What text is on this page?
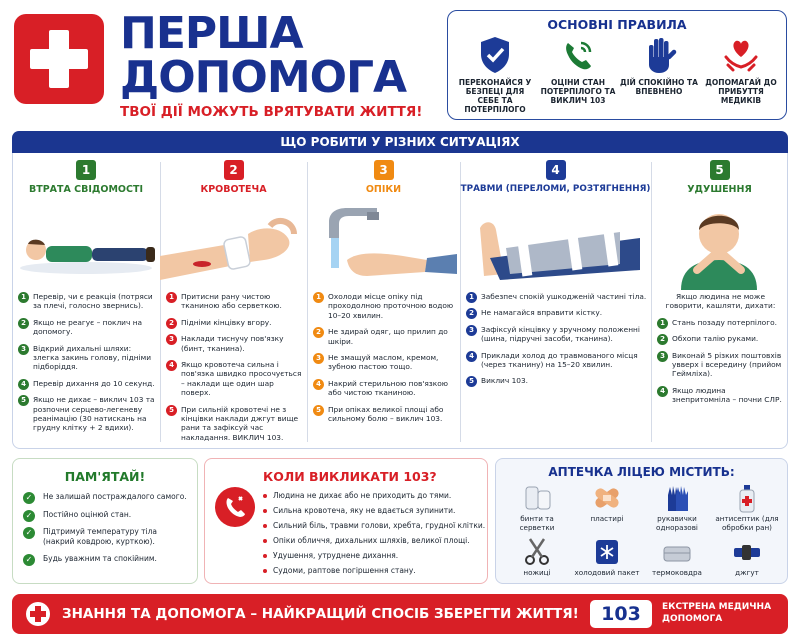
ПЕРША
ДОПОМОГА
ТВОЇ ДІЇ МОЖУТЬ ВРЯТУВАТИ ЖИТТЯ!
ОСНОВНІ ПРАВИЛА
ПЕРЕКОНАЙСЯ У БЕЗПЕЦІ ДЛЯ СЕБЕ ТА ПОТЕРПІЛОГО
ОЦІНИ СТАН ПОТЕРПІЛОГО ТА ВИКЛИЧ 103
ДІЙ СПОКІЙНО ТА ВПЕВНЕНО
ДОПОМАГАЙ ДО ПРИБУТТЯ МЕДИКІВ
ЩО РОБИТИ У РІЗНИХ СИТУАЦІЯХ
1
ВТРАТА СВІДОМОСТІ
1 Перевір, чи є реакція (потряси за плечі, голосно звернись).
2 Якщо не реагує – поклич на допомогу.
3 Відкрий дихальні шляхи: злегка закинь голову, підніми підборіддя.
4 Перевір дихання до 10 секунд.
5 Якщо не дихає – виклич 103 та розпочни серцево-легеневу реанімацію (30 натискань на грудну клітку + 2 вдихи).
2
КРОВОТЕЧА
1 Притисни рану чистою тканиною або серветкою.
2 Підніми кінцівку вгору.
3 Наклади тиснучу пов'язку (бинт, тканина).
4 Якщо кровотеча сильна і пов'язка швидко просочується – наклади ще один шар поверх.
5 При сильній кровотечі не з кінцівки наклади джгут вище рани та зафіксуй час накладання. ВИКЛИЧ 103.
3
ОПІКИ
1 Охолоди місце опіку під проходолною проточною водою 10–20 хвилин.
2 Не здирай одяг, що прилип до шкіри.
3 Не змащуй маслом, кремом, зубною пастою тощо.
4 Накрий стерильною пов'язкою або чистою тканиною.
5 При опіках великої площі або сильному болю – виклич 103.
4
ТРАВМИ (ПЕРЕЛОМИ, РОЗТЯГНЕННЯ)
1 Забезпеч спокій ушкодженій частині тіла.
2 Не намагайся вправити кістку.
3 Зафіксуй кінцівку у зручному положенні (шина, підручні засоби, тканина).
4 Приклади холод до травмованого місця (через тканину) на 15–20 хвилин.
5 Виклич 103.
5
УДУШЕННЯ
Якщо людина не може говорити, кашляти, дихати:
1 Стань позаду потерпілого.
2 Обхопи талію руками.
3 Виконай 5 різких поштовхів увверх і всередину (прийом Геймліха).
4 Якщо людина знепритомніла – почни СЛР.
ПАМ'ЯТАЙ!
✓	Не залишай постраждалого самого.
✓	Постійно оцінюй стан.
✓	Підтримуй температуру тіла (накрий ковдрою, курткою).
✓	Будь уважним та спокійним.
КОЛИ ВИКЛИКАТИ 103?
Людина не дихає або не приходить до тями.
Сильна кровотеча, яку не вдається зупинити.
Сильний біль, травми голови, хребта, грудної клітки.
Опіки обличчя, дихальних шляхів, великої площі.
Удушення, утруднене дихання.
Судоми, раптове погіршення стану.
АПТЕЧКА ЛІЦЕЮ МІСТИТЬ:
бинти та серветки
пластирі	рукавички одноразові
антисептик (для обробки ран)
ножиці	холодовий пакет	термоковдра	джгут
ЗНАННЯ ТА ДОПОМОГА – НАЙКРАЩИЙ СПОСІБ ЗБЕРЕГТИ ЖИТТЯ!	103	ЕКСТРЕНА МЕДИЧНА ДОПОМОГА
